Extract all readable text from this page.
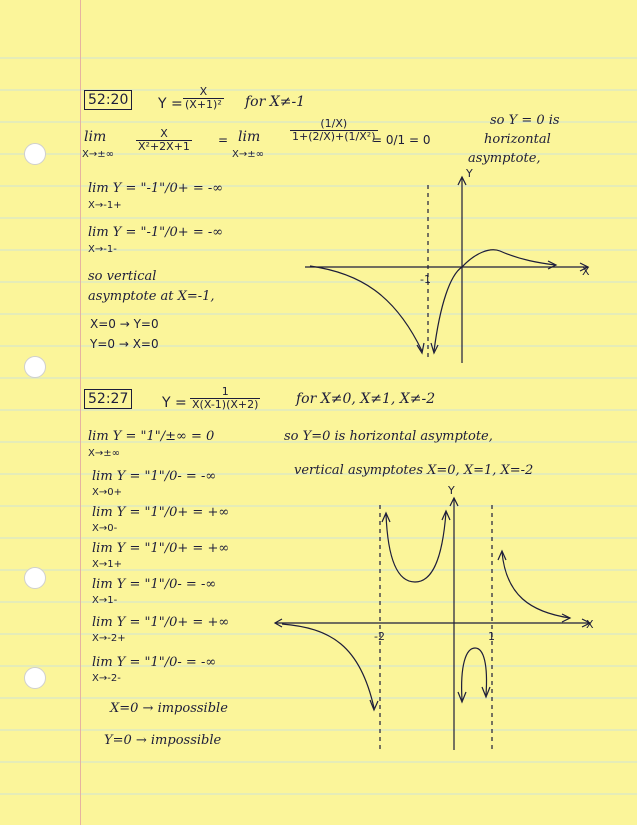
52:20 $Y = \frac{X}{\text{(X+1)²}}$ for X≠-1
lim
X→±∞
$\frac{X}{\text{X²+2X+1}} = \lim$
X→±∞
$\frac{(1/X)}{\text{1+(2/X)+(1/X²)}}$
= 0/1 = 0
so Y = 0 is
horizontal
asymptote,
lim Y = "-1"/0+ = -∞
X→-1+
lim Y = "-1"/0+ = -∞
X→-1-
so vertical
asymptote at X=-1,
X=0 → Y=0
Y=0 → X=0
Y
X
-1
52:27 $Y = \frac{1}{X(X-1)(X+2)}$	for X≠0, X≠1, X≠-2
lim Y = "1"/±∞ = 0
X→±∞
so Y=0 is horizontal asymptote,
vertical asymptotes X=0, X=1, X=-2
lim Y = "1"/0- = -∞
X→0+
lim Y = "1"/0+ = +∞
X→0-
lim Y = "1"/0+ = +∞
X→1+
lim Y = "1"/0- = -∞
X→1-
lim Y = "1"/0+ = +∞
X→-2+
lim Y = "1"/0- = -∞
X→-2-
X=0 → impossible
Y=0 → impossible
Y
X
-2	1
